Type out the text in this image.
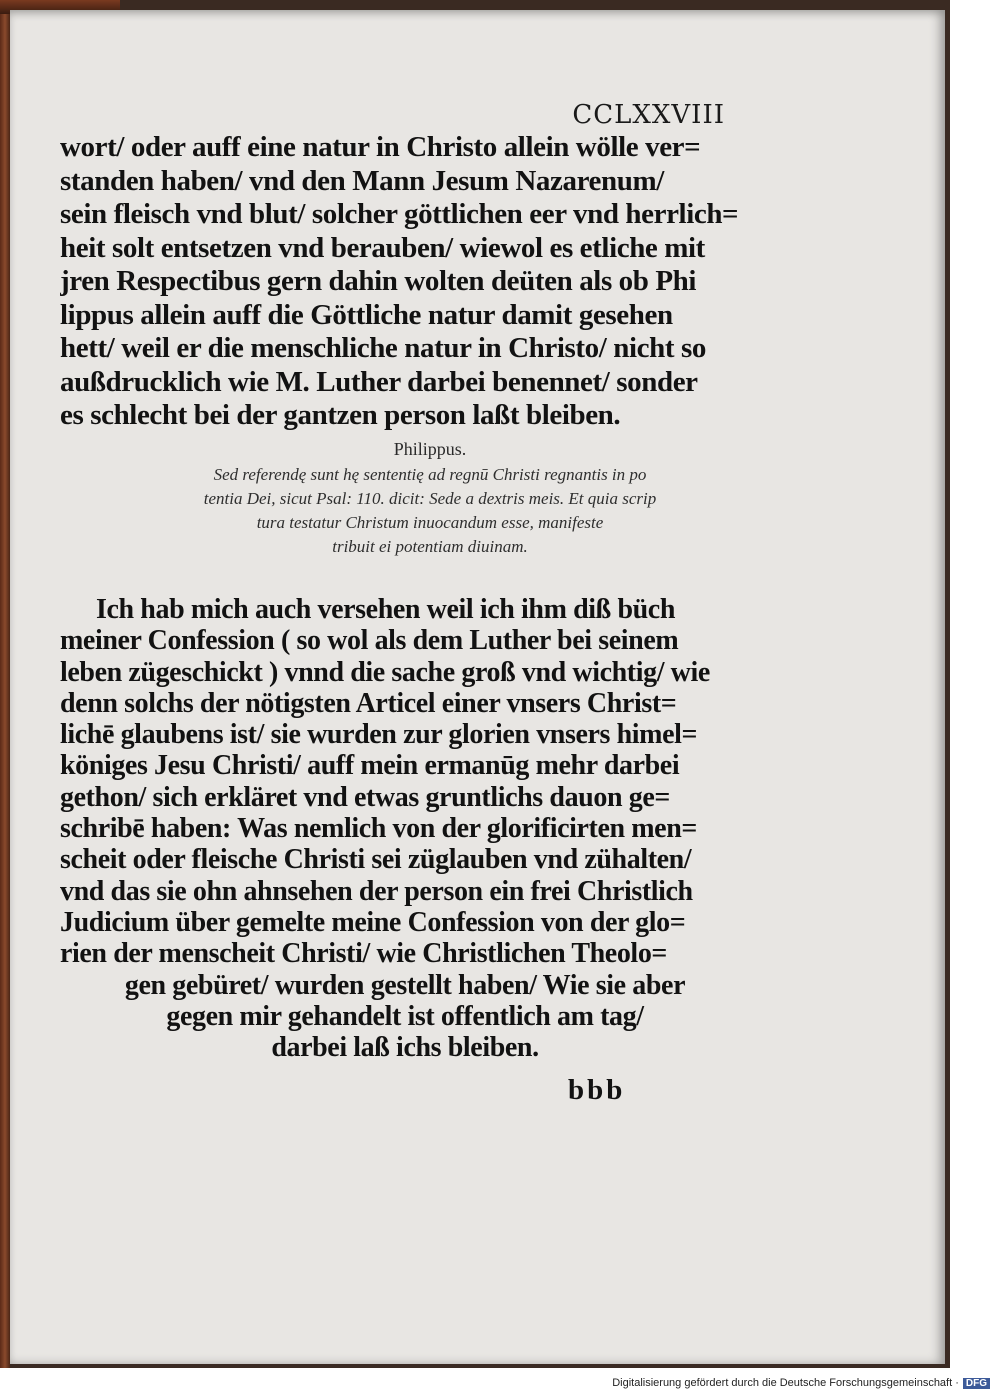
CCLXXVIII
wort/ oder auff eine natur in Christo allein wölle ver=
standen haben/ vnd den Mann Jesum Nazarenum/
sein fleisch vnd blut/ solcher göttlichen eer vnd herrlich=
heit solt entsetzen vnd berauben/ wiewol es etliche mit
jren Respectibus gern dahin wolten deüten als ob Phi
lippus allein auff die Göttliche natur damit gesehen
hett/ weil er die menschliche natur in Christo/ nicht so
außdrucklich wie M. Luther darbei benennet/ sonder
es schlecht bei der gantzen person laßt bleiben.
Philippus.
Sed referendę sunt hę sententię ad regnū Christi regnantis in po
tentia Dei, sicut Psal: 110. dicit: Sede a dextris meis. Et quia scrip
tura testatur Christum inuocandum esse, manifeste
tribuit ei potentiam diuinam.
Ich hab mich auch versehen weil ich ihm diß büch
meiner Confession ( so wol als dem Luther bei seinem
leben zügeschickt ) vnnd die sache groß vnd wichtig/ wie
denn solchs der nötigsten Articel einer vnsers Christ=
lichē glaubens ist/ sie wurden zur glorien vnsers himel=
königes Jesu Christi/ auff mein ermanūg mehr darbei
gethon/ sich erkläret vnd etwas gruntlichs dauon ge=
schribē haben: Was nemlich von der glorificirten men=
scheit oder fleische Christi sei züglauben vnd zühalten/
vnd das sie ohn ahnsehen der person ein frei Christlich
Judicium über gemelte meine Confession von der glo=
rien der menscheit Christi/ wie Christlichen Theolo=
gen gebüret/ wurden gestellt haben/ Wie sie aber
gegen mir gehandelt ist offentlich am tag/
darbei laß ichs bleiben.
bbb
Digitalisierung gefördert durch die Deutsche Forschungsgemeinschaft · DFG
